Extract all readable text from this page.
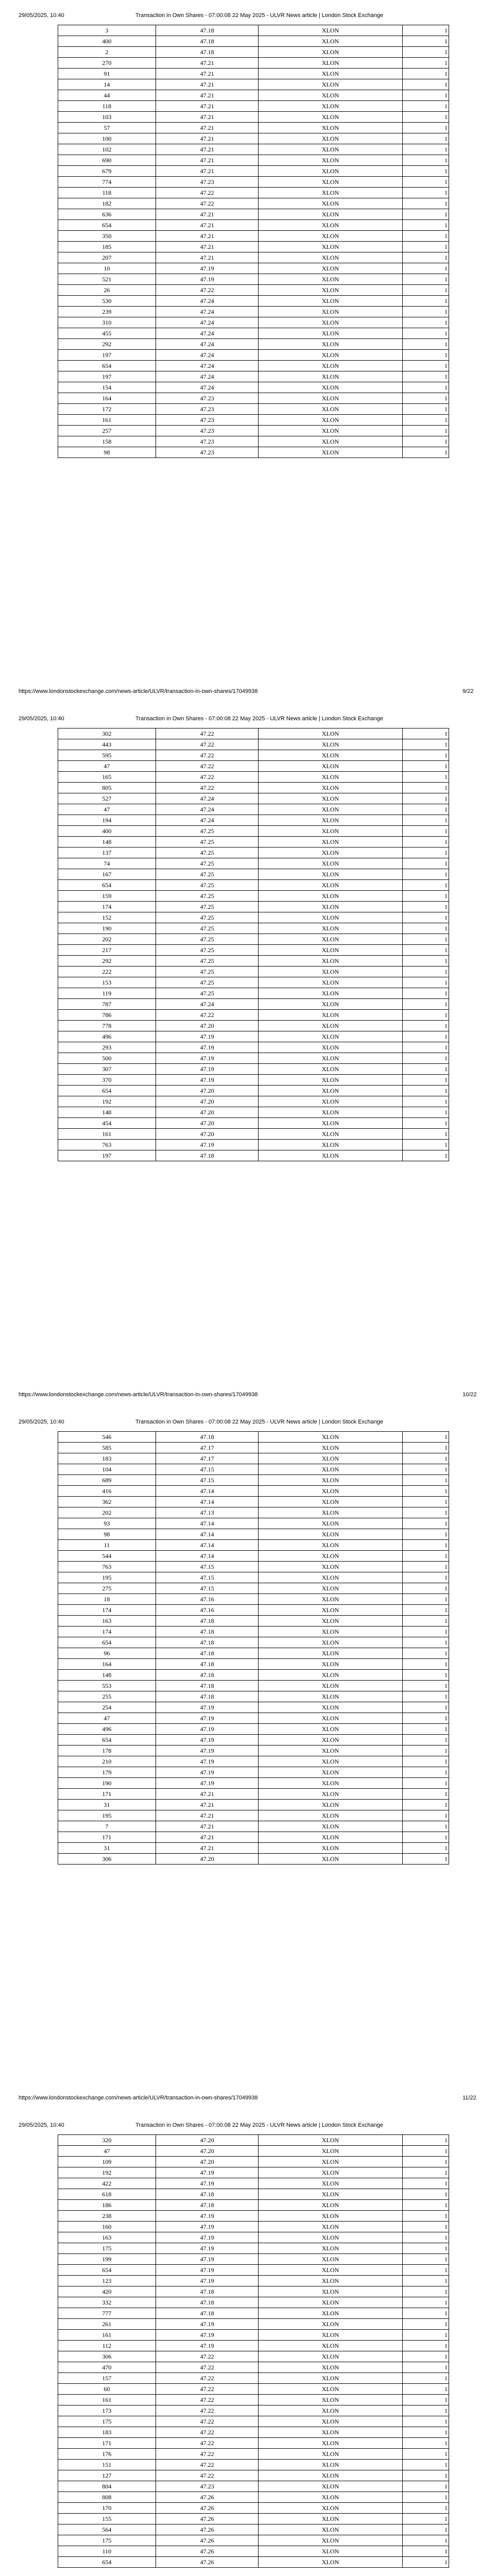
29/05/2025, 10:40	Transaction in Own Shares - 07:00:08 22 May 2025 - ULVR News article | London Stock Exchange
3	47.18	XLON	1
400	47.18	XLON	1
2	47.18	XLON	1
270	47.21	XLON	1
91	47.21	XLON	1
14	47.21	XLON	1
44	47.21	XLON	1
118	47.21	XLON	1
103	47.21	XLON	1
57	47.21	XLON	1
100	47.21	XLON	1
102	47.21	XLON	1
690	47.21	XLON	1
679	47.21	XLON	1
774	47.23	XLON	1
118	47.22	XLON	1
182	47.22	XLON	1
636	47.21	XLON	1
654	47.21	XLON	1
350	47.21	XLON	1
185	47.21	XLON	1
207	47.21	XLON	1
10	47.19	XLON	1
521	47.19	XLON	1
26	47.22	XLON	1
530	47.24	XLON	1
239	47.24	XLON	1
310	47.24	XLON	1
455	47.24	XLON	1
292	47.24	XLON	1
197	47.24	XLON	1
654	47.24	XLON	1
197	47.24	XLON	1
154	47.24	XLON	1
164	47.23	XLON	1
172	47.23	XLON	1
161	47.23	XLON	1
257	47.23	XLON	1
158	47.23	XLON	1
98	47.23	XLON	1
https://www.londonstockexchange.com/news-article/ULVR/transaction-in-own-shares/17049938	9/22
29/05/2025, 10:40	Transaction in Own Shares - 07:00:08 22 May 2025 - ULVR News article | London Stock Exchange
302	47.22	XLON	1
443	47.22	XLON	1
595	47.22	XLON	1
47	47.22	XLON	1
165	47.22	XLON	1
805	47.22	XLON	1
527	47.24	XLON	1
47	47.24	XLON	1
194	47.24	XLON	1
400	47.25	XLON	1
148	47.25	XLON	1
137	47.25	XLON	1
74	47.25	XLON	1
167	47.25	XLON	1
654	47.25	XLON	1
159	47.25	XLON	1
174	47.25	XLON	1
152	47.25	XLON	1
190	47.25	XLON	1
202	47.25	XLON	1
217	47.25	XLON	1
292	47.25	XLON	1
222	47.25	XLON	1
153	47.25	XLON	1
119	47.25	XLON	1
787	47.24	XLON	1
786	47.22	XLON	1
778	47.20	XLON	1
496	47.19	XLON	1
293	47.19	XLON	1
500	47.19	XLON	1
307	47.19	XLON	1
370	47.19	XLON	1
654	47.20	XLON	1
192	47.20	XLON	1
148	47.20	XLON	1
454	47.20	XLON	1
161	47.20	XLON	1
763	47.19	XLON	1
197	47.18	XLON	1
https://www.londonstockexchange.com/news-article/ULVR/transaction-in-own-shares/17049938	10/22
29/05/2025, 10:40	Transaction in Own Shares - 07:00:08 22 May 2025 - ULVR News article | London Stock Exchange
546	47.18	XLON	1
585	47.17	XLON	1
183	47.17	XLON	1
104	47.15	XLON	1
689	47.15	XLON	1
416	47.14	XLON	1
362	47.14	XLON	1
202	47.13	XLON	1
93	47.14	XLON	1
98	47.14	XLON	1
11	47.14	XLON	1
544	47.14	XLON	1
763	47.15	XLON	1
195	47.15	XLON	1
275	47.15	XLON	1
18	47.16	XLON	1
174	47.16	XLON	1
163	47.18	XLON	1
174	47.18	XLON	1
654	47.18	XLON	1
96	47.18	XLON	1
164	47.18	XLON	1
148	47.18	XLON	1
553	47.18	XLON	1
255	47.18	XLON	1
254	47.19	XLON	1
47	47.19	XLON	1
496	47.19	XLON	1
654	47.19	XLON	1
178	47.19	XLON	1
210	47.19	XLON	1
179	47.19	XLON	1
190	47.19	XLON	1
171	47.21	XLON	1
31	47.21	XLON	1
195	47.21	XLON	1
7	47.21	XLON	1
171	47.21	XLON	1
31	47.21	XLON	1
306	47.20	XLON	1
https://www.londonstockexchange.com/news-article/ULVR/transaction-in-own-shares/17049938	11/22
29/05/2025, 10:40	Transaction in Own Shares - 07:00:08 22 May 2025 - ULVR News article | London Stock Exchange
320	47.20	XLON	1
47	47.20	XLON	1
109	47.20	XLON	1
192	47.19	XLON	1
422	47.19	XLON	1
618	47.18	XLON	1
186	47.18	XLON	1
238	47.19	XLON	1
160	47.19	XLON	1
163	47.19	XLON	1
175	47.19	XLON	1
199	47.19	XLON	1
654	47.19	XLON	1
123	47.19	XLON	1
420	47.18	XLON	1
332	47.18	XLON	1
777	47.18	XLON	1
261	47.19	XLON	1
161	47.19	XLON	1
112	47.19	XLON	1
306	47.22	XLON	1
470	47.22	XLON	1
157	47.22	XLON	1
60	47.22	XLON	1
161	47.22	XLON	1
173	47.22	XLON	1
175	47.22	XLON	1
183	47.22	XLON	1
171	47.22	XLON	1
176	47.22	XLON	1
151	47.22	XLON	1
127	47.22	XLON	1
804	47.23	XLON	1
808	47.26	XLON	1
170	47.26	XLON	1
155	47.26	XLON	1
564	47.26	XLON	1
175	47.26	XLON	1
110	47.26	XLON	1
654	47.26	XLON	1
